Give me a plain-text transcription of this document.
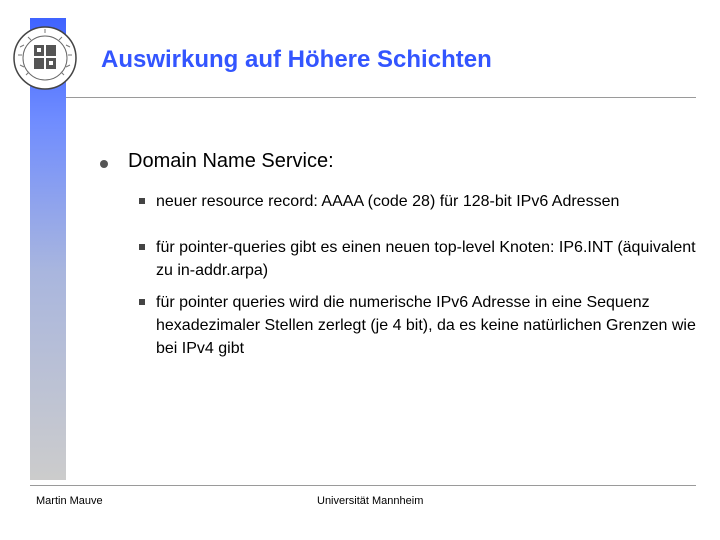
Auswirkung auf Höhere Schichten
Domain Name Service:
neuer resource record: AAAA (code 28) für 128-bit IPv6 Adressen
für pointer-queries gibt es einen neuen top-level Knoten: IP6.INT (äquivalent zu in-addr.arpa)
für pointer queries wird die numerische IPv6 Adresse in eine Sequenz hexadezimaler Stellen zerlegt (je 4 bit), da es keine natürlichen Grenzen wie bei IPv4 gibt
Martin Mauve	Universität Mannheim
